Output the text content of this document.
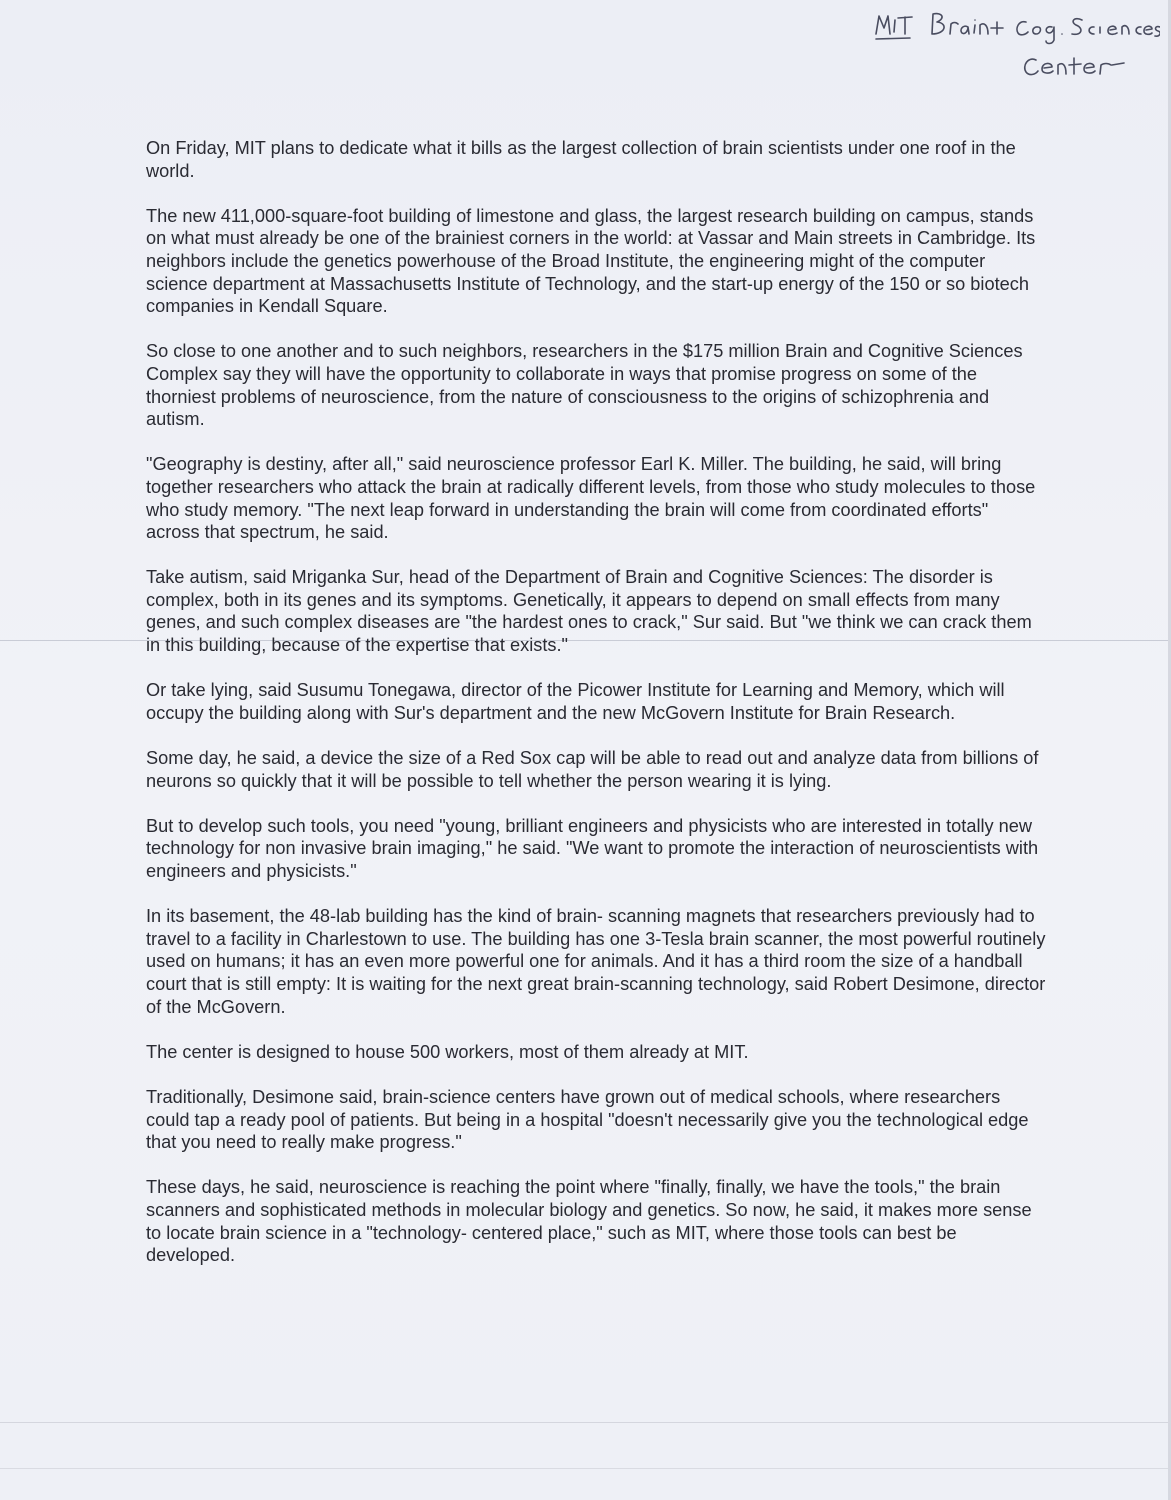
On Friday, MIT plans to dedicate what it bills as the largest collection of brain scientists under one roof in the world.

The new 411,000-square-foot building of limestone and glass, the largest research building on campus, stands on what must already be one of the brainiest corners in the world: at Vassar and Main streets in Cambridge. Its neighbors include the genetics powerhouse of the Broad Institute, the engineering might of the computer science department at Massachusetts Institute of Technology, and the start-up energy of the 150 or so biotech companies in Kendall Square.

So close to one another and to such neighbors, researchers in the $175 million Brain and Cognitive Sciences Complex say they will have the opportunity to collaborate in ways that promise progress on some of the thorniest problems of neuroscience, from the nature of consciousness to the origins of schizophrenia and autism.

"Geography is destiny, after all," said neuroscience professor Earl K. Miller. The building, he said, will bring together researchers who attack the brain at radically different levels, from those who study molecules to those who study memory. "The next leap forward in understanding the brain will come from coordinated efforts" across that spectrum, he said.

Take autism, said Mriganka Sur, head of the Department of Brain and Cognitive Sciences: The disorder is complex, both in its genes and its symptoms. Genetically, it appears to depend on small effects from many genes, and such complex diseases are "the hardest ones to crack," Sur said. But "we think we can crack them in this building, because of the expertise that exists."

Or take lying, said Susumu Tonegawa, director of the Picower Institute for Learning and Memory, which will occupy the building along with Sur's department and the new McGovern Institute for Brain Research.

Some day, he said, a device the size of a Red Sox cap will be able to read out and analyze data from billions of neurons so quickly that it will be possible to tell whether the person wearing it is lying.

But to develop such tools, you need "young, brilliant engineers and physicists who are interested in totally new technology for non invasive brain imaging," he said. "We want to promote the interaction of neuroscientists with engineers and physicists."

In its basement, the 48-lab building has the kind of brain- scanning magnets that researchers previously had to travel to a facility in Charlestown to use. The building has one 3-Tesla brain scanner, the most powerful routinely used on humans; it has an even more powerful one for animals. And it has a third room the size of a handball court that is still empty: It is waiting for the next great brain-scanning technology, said Robert Desimone, director of the McGovern.

The center is designed to house 500 workers, most of them already at MIT.

Traditionally, Desimone said, brain-science centers have grown out of medical schools, where researchers could tap a ready pool of patients. But being in a hospital "doesn't necessarily give you the technological edge that you need to really make progress."

These days, he said, neuroscience is reaching the point where "finally, finally, we have the tools," the brain scanners and sophisticated methods in molecular biology and genetics. So now, he said, it makes more sense to locate brain science in a "technology- centered place," such as MIT, where those tools can best be developed.
